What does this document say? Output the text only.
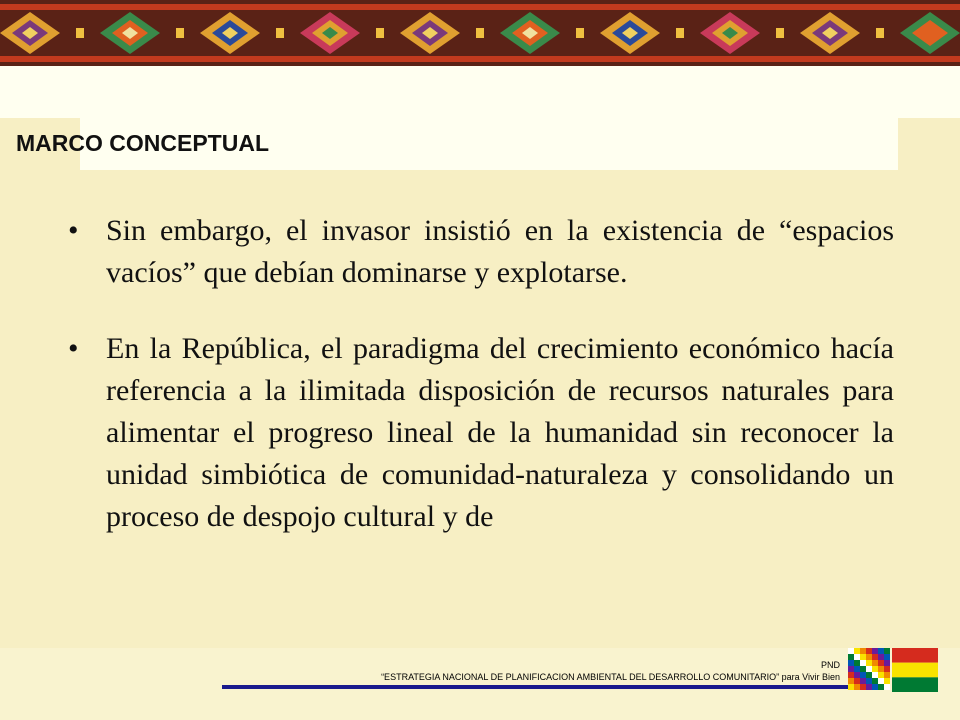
MARCO CONCEPTUAL
• Sin embargo, el invasor insistió en la existencia de “espacios vacíos” que debían dominarse y explotarse.
• En la República, el paradigma del crecimiento económico hacía referencia a la ilimitada disposición de recursos naturales para alimentar el progreso lineal de la humanidad sin reconocer la unidad simbiótica de comunidad-naturaleza y consolidando un proceso de despojo cultural y de
PND
“ESTRATEGIA NACIONAL DE PLANIFICACION AMBIENTAL DEL DESARROLLO COMUNITARIO” para Vivir Bien
